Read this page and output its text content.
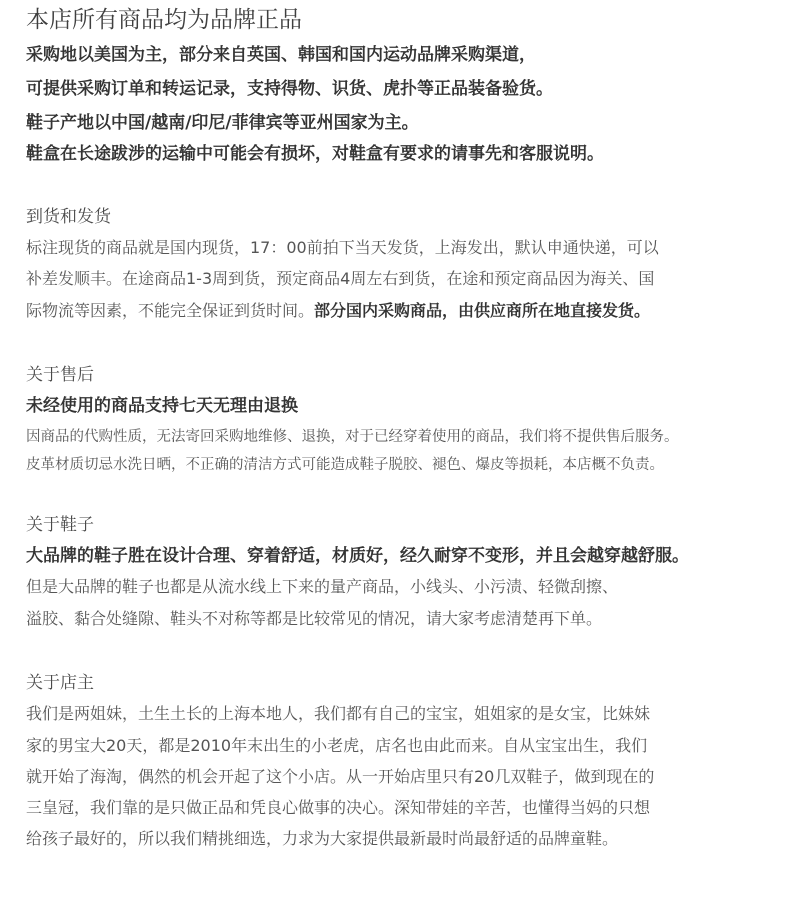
本店所有商品均为品牌正品
采购地以美国为主，部分来自英国、韩国和国内运动品牌采购渠道，
可提供采购订单和转运记录，支持得物、识货、虎扑等正品装备验货。
鞋子产地以中国/越南/印尼/菲律宾等亚州国家为主。
鞋盒在长途跋涉的运输中可能会有损坏，对鞋盒有要求的请事先和客服说明。
到货和发货
标注现货的商品就是国内现货，17：00前拍下当天发货，上海发出，默认申通快递，可以
补差发顺丰。在途商品1-3周到货，预定商品4周左右到货，在途和预定商品因为海关、国
际物流等因素，不能完全保证到货时间。部分国内采购商品，由供应商所在地直接发货。
关于售后
未经使用的商品支持七天无理由退换
因商品的代购性质，无法寄回采购地维修、退换，对于已经穿着使用的商品，我们将不提供售后服务。
皮革材质切忌水洗日晒，不正确的清洁方式可能造成鞋子脱胶、褪色、爆皮等损耗，本店概不负责。
关于鞋子
大品牌的鞋子胜在设计合理、穿着舒适，材质好，经久耐穿不变形，并且会越穿越舒服。
但是大品牌的鞋子也都是从流水线上下来的量产商品，小线头、小污渍、轻微刮擦、
溢胶、黏合处缝隙、鞋头不对称等都是比较常见的情况，请大家考虑清楚再下单。
关于店主
我们是两姐妹，土生土长的上海本地人，我们都有自己的宝宝，姐姐家的是女宝，比妹妹
家的男宝大20天，都是2010年末出生的小老虎，店名也由此而来。自从宝宝出生，我们
就开始了海淘，偶然的机会开起了这个小店。从一开始店里只有20几双鞋子，做到现在的
三皇冠，我们靠的是只做正品和凭良心做事的决心。深知带娃的辛苦，也懂得当妈的只想
给孩子最好的，所以我们精挑细选，力求为大家提供最新最时尚最舒适的品牌童鞋。
